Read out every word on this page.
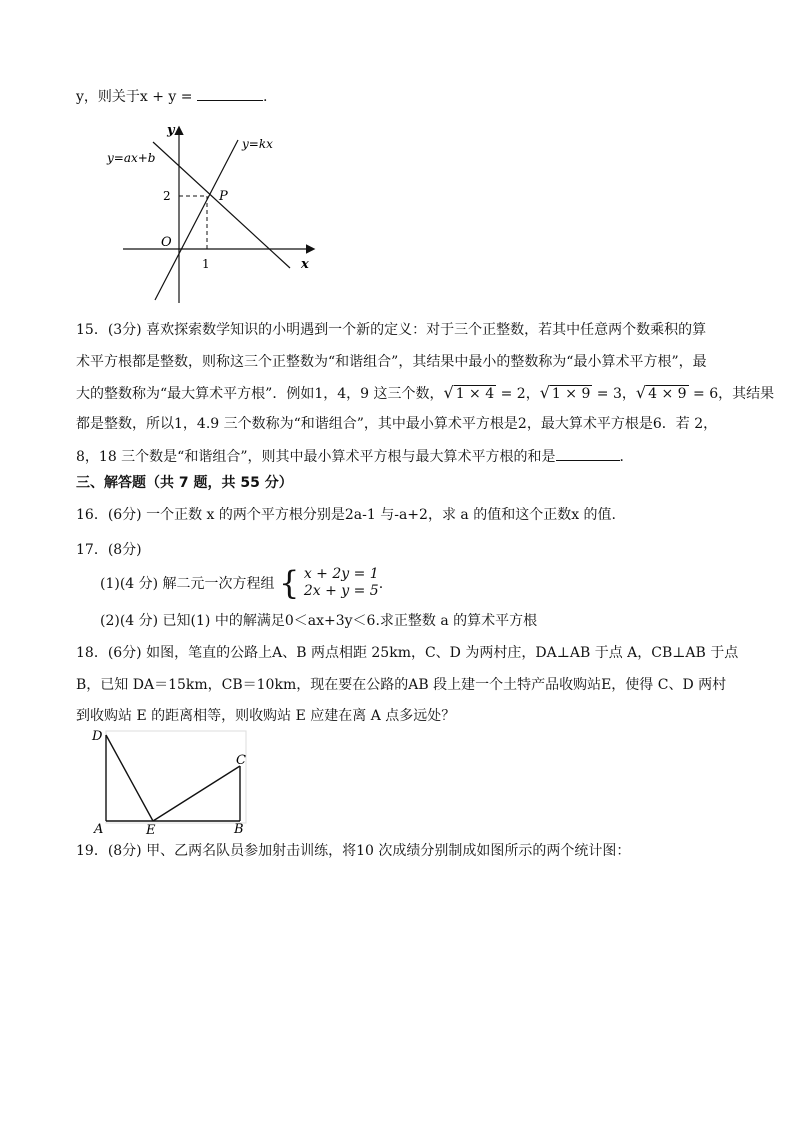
y，则关于x + y =	.
y
x
O
y=ax+b
y=kx
P
2
1
15．(3分) 喜欢探索数学知识的小明遇到一个新的定义：对于三个正整数，若其中任意两个数乘积的算
术平方根都是整数，则称这三个正整数为“和谐组合”，其结果中最小的整数称为“最小算术平方根”，最
大的整数称为“最大算术平方根”．例如1，4，9 这三个数，√ 1 × 4 = 2，√ 1 × 9 = 3，√ 4 × 9 = 6，其结果
都是整数，所以1，4.9 三个数称为“和谐组合”，其中最小算术平方根是2，最大算术平方根是6．若 2，
8，18 三个数是“和谐组合”，则其中最小算术平方根与最大算术平方根的和是	．
三、解答题（共 7 题，共 55 分）
16．(6分) 一个正数 x 的两个平方根分别是2a-1 与-a+2，求 a 的值和这个正数x 的值.
17．(8分)
(1)(4 分) 解二元一次方程组 { x + 2y = 1
2x + y = 5 .
(2)(4 分) 已知(1) 中的解满足0＜ax+3y＜6.求正整数 a 的算术平方根
18．(6分) 如图，笔直的公路上A、B 两点相距 25km，C、D 为两村庄，DA⊥AB 于点 A，CB⊥AB 于点
B，已知 DA＝15km，CB＝10km，现在要在公路的AB 段上建一个土特产品收购站E，使得 C、D 两村
到收购站 E 的距离相等，则收购站 E 应建在离 A 点多远处？
D
C
A	E	B
19．(8分) 甲、乙两名队员参加射击训练，将10 次成绩分别制成如图所示的两个统计图：
